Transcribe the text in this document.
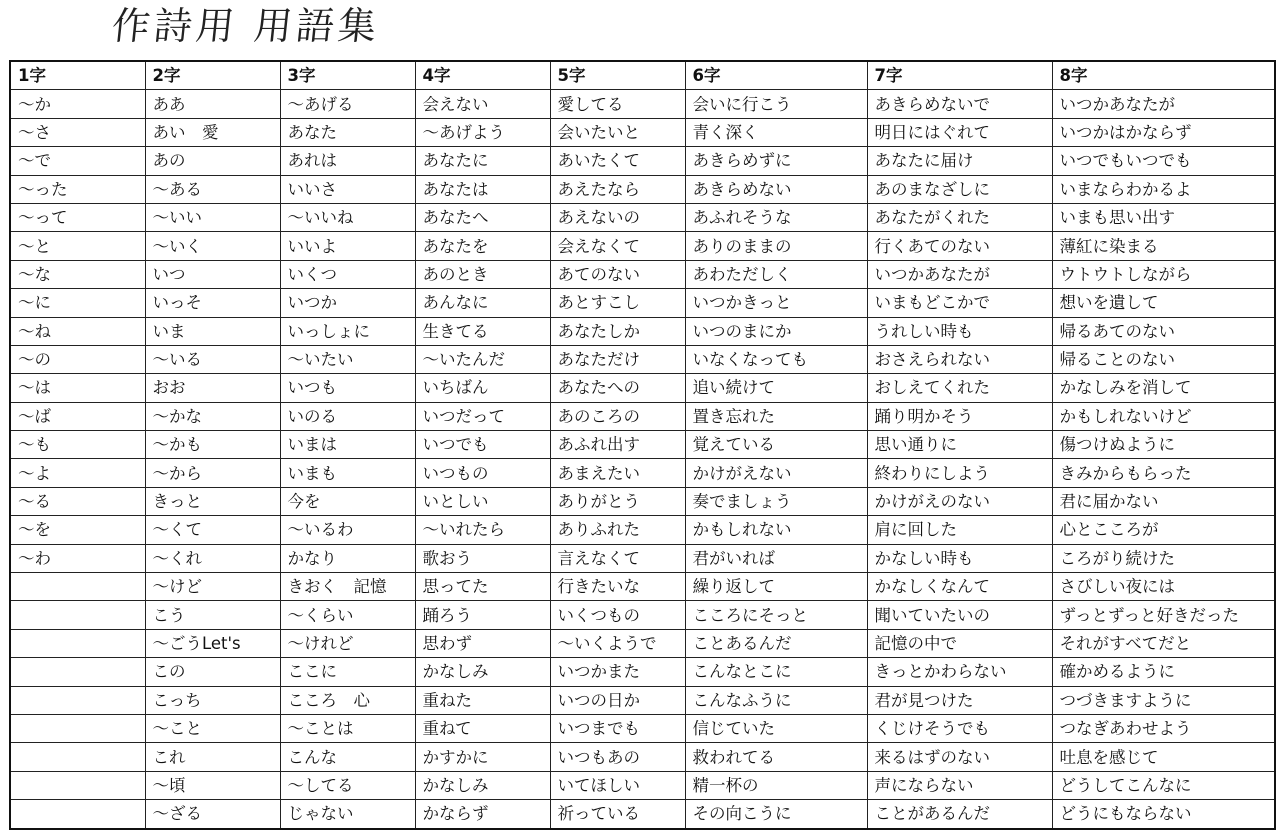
作詩用 用語集
1字	2字	3字	4字	5字	6字	7字	8字
～か	ああ	～あげる	会えない	愛してる	会いに行こう	あきらめないで	いつかあなたが
～さ	あい　愛	あなた	～あげよう	会いたいと	青く深く	明日にはぐれて	いつかはかならず
～で	あの	あれは	あなたに	あいたくて	あきらめずに	あなたに届け	いつでもいつでも
～った	～ある	いいさ	あなたは	あえたなら	あきらめない	あのまなざしに	いまならわかるよ
～って	～いい	～いいね	あなたへ	あえないの	あふれそうな	あなたがくれた	いまも思い出す
～と	～いく	いいよ	あなたを	会えなくて	ありのままの	行くあてのない	薄紅に染まる
～な	いつ	いくつ	あのとき	あてのない	あわただしく	いつかあなたが	ウトウトしながら
～に	いっそ	いつか	あんなに	あとすこし	いつかきっと	いまもどこかで	想いを遺して
～ね	いま	いっしょに	生きてる	あなたしか	いつのまにか	うれしい時も	帰るあてのない
～の	～いる	～いたい	～いたんだ	あなただけ	いなくなっても	おさえられない	帰ることのない
～は	おお	いつも	いちばん	あなたへの	追い続けて	おしえてくれた	かなしみを消して
～ば	～かな	いのる	いつだって	あのころの	置き忘れた	踊り明かそう	かもしれないけど
～も	～かも	いまは	いつでも	あふれ出す	覚えている	思い通りに	傷つけぬように
～よ	～から	いまも	いつもの	あまえたい	かけがえない	終わりにしよう	きみからもらった
～る	きっと	今を	いとしい	ありがとう	奏でましょう	かけがえのない	君に届かない
～を	～くて	～いるわ	～いれたら	ありふれた	かもしれない	肩に回した	心とこころが
～わ	～くれ	かなり	歌おう	言えなくて	君がいれば	かなしい時も	ころがり続けた
	～けど	きおく　記憶	思ってた	行きたいな	繰り返して	かなしくなんて	さびしい夜には
	こう	～くらい	踊ろう	いくつもの	こころにそっと	聞いていたいの	ずっとずっと好きだった
	～ごうLet's	～けれど	思わず	～いくようで	ことあるんだ	記憶の中で	それがすべてだと
	この	ここに	かなしみ	いつかまた	こんなとこに	きっとかわらない	確かめるように
	こっち	こころ　心	重ねた	いつの日か	こんなふうに	君が見つけた	つづきますように
	～こと	～ことは	重ねて	いつまでも	信じていた	くじけそうでも	つなぎあわせよう
	これ	こんな	かすかに	いつもあの	救われてる	来るはずのない	吐息を感じて
	～頃	～してる	かなしみ	いてほしい	精一杯の	声にならない	どうしてこんなに
	～ざる	じゃない	かならず	祈っている	その向こうに	ことがあるんだ	どうにもならない
